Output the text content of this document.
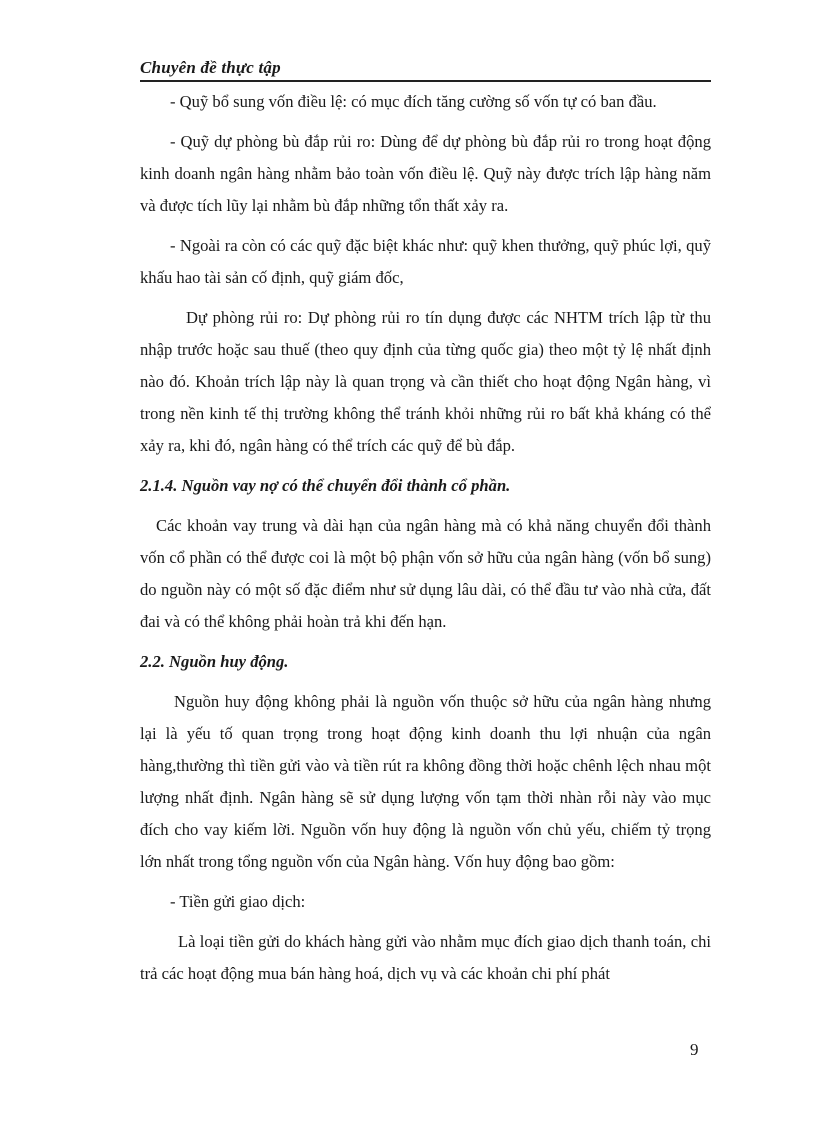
Chuyên đề thực tập

- Quỹ bổ sung vốn điều lệ: có mục đích tăng cường số vốn tự có ban đầu.

- Quỹ dự phòng bù đắp rủi ro: Dùng để dự phòng bù đắp rủi ro trong hoạt động kinh doanh ngân hàng nhằm bảo toàn vốn điều lệ. Quỹ này được trích lập hàng năm và được tích lũy lại nhằm bù đắp những tổn thất xảy ra.

- Ngoài ra còn có các quỹ đặc biệt khác như: quỹ khen thưởng, quỹ phúc lợi, quỹ khấu hao tài sản cố định, quỹ giám đốc,

Dự phòng rủi ro: Dự phòng rủi ro tín dụng được các NHTM trích lập từ thu nhập trước hoặc sau thuế (theo quy định của từng quốc gia) theo một tỷ lệ nhất định nào đó. Khoản trích lập này là quan trọng và cần thiết cho hoạt động Ngân hàng, vì trong nền kinh tế thị trường không thể tránh khỏi những rủi ro bất khả kháng có thể xảy ra, khi đó, ngân hàng có thể trích các quỹ để bù đắp.

2.1.4. Nguồn vay nợ có thể chuyển đổi thành cổ phần.

Các khoản vay trung và dài hạn của ngân hàng mà có khả năng chuyển đổi thành vốn cổ phần có thể được coi là một bộ phận vốn sở hữu của ngân hàng (vốn bổ sung) do nguồn này có một số đặc điểm như sử dụng lâu dài, có thể đầu tư vào nhà cửa, đất đai và có thể không phải hoàn trả khi đến hạn.

2.2. Nguồn huy động.

Nguồn huy động không phải là nguồn vốn thuộc sở hữu của ngân hàng nhưng lại là yếu tố quan trọng trong hoạt động kinh doanh thu lợi nhuận của ngân hàng,thường thì tiền gửi vào và tiền rút ra không đồng thời hoặc chênh lệch nhau một lượng nhất định. Ngân hàng sẽ sử dụng lượng vốn tạm thời nhàn rỗi này vào mục đích cho vay kiếm lời. Nguồn vốn huy động là nguồn vốn chủ yếu, chiếm tỷ trọng lớn nhất trong tổng nguồn vốn của Ngân hàng. Vốn huy động bao gồm:

- Tiền gửi giao dịch:

Là loại tiền gửi do khách hàng gửi vào nhằm mục đích giao dịch thanh toán, chi trả các hoạt động mua bán hàng hoá, dịch vụ và các khoản chi phí phát

9
